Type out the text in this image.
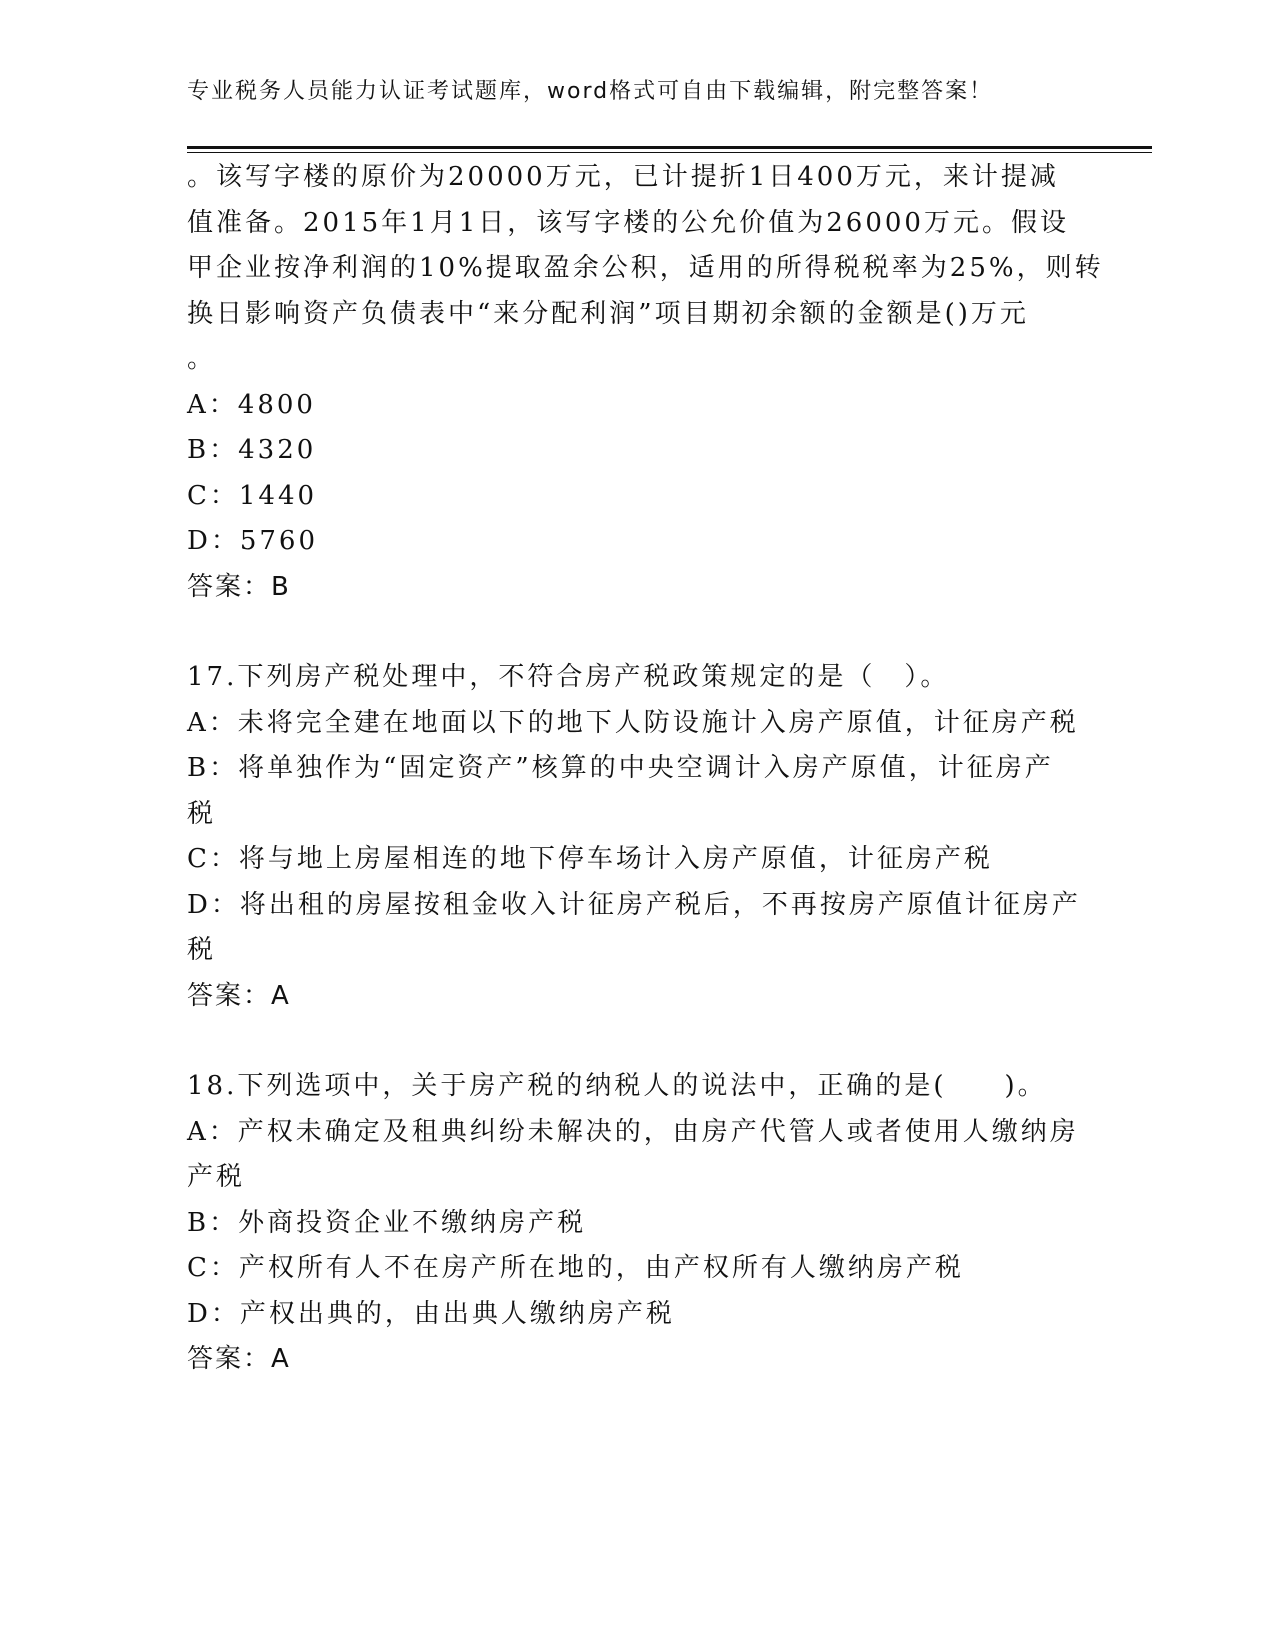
专业税务人员能力认证考试题库，word格式可自由下载编辑，附完整答案！
。该写字楼的原价为20000万元，已计提折1日400万元，来计提减
值准备。2015年1月1日，该写字楼的公允价值为26000万元。假设
甲企业按净利润的10%提取盈余公积，适用的所得税税率为25%，则转
换日影响资产负债表中“来分配利润”项目期初余额的金额是()万元
。
A：4800
B：4320
C：1440
D：5760
答案：B
17.下列房产税处理中，不符合房产税政策规定的是（　）。
A：未将完全建在地面以下的地下人防设施计入房产原值，计征房产税
B：将单独作为“固定资产”核算的中央空调计入房产原值，计征房产
税
C：将与地上房屋相连的地下停车场计入房产原值，计征房产税
D：将出租的房屋按租金收入计征房产税后，不再按房产原值计征房产
税
答案：A
18.下列选项中，关于房产税的纳税人的说法中，正确的是(　　)。
A：产权未确定及租典纠纷未解决的，由房产代管人或者使用人缴纳房
产税
B：外商投资企业不缴纳房产税
C：产权所有人不在房产所在地的，由产权所有人缴纳房产税
D：产权出典的，由出典人缴纳房产税
答案：A
